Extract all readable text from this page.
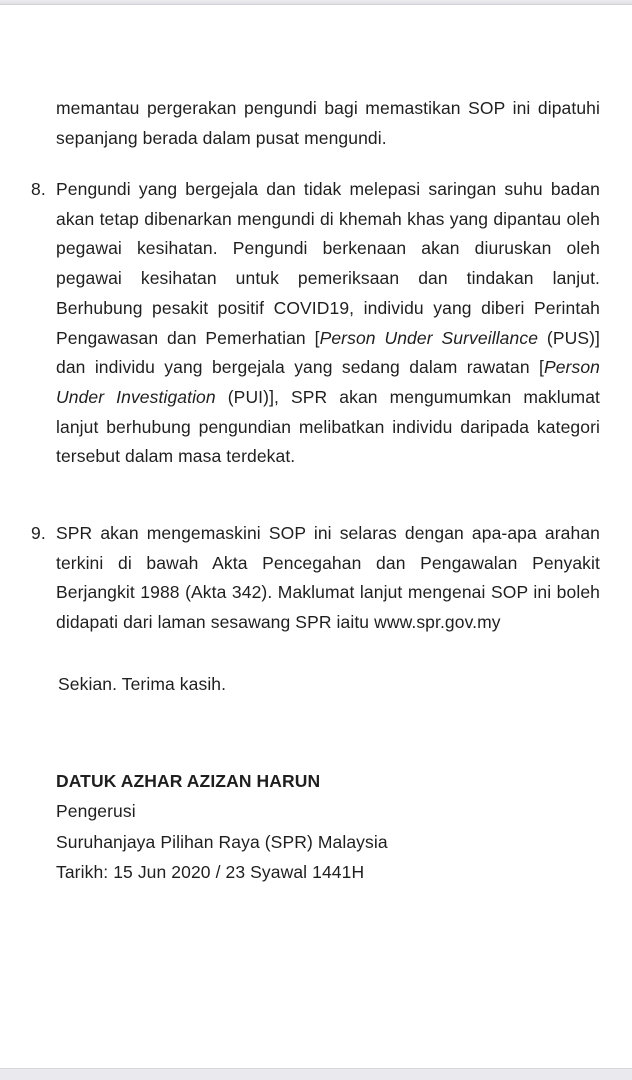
memantau pergerakan pengundi bagi memastikan SOP ini dipatuhi sepanjang berada dalam pusat mengundi.

8. Pengundi yang bergejala dan tidak melepasi saringan suhu badan akan tetap dibenarkan mengundi di khemah khas yang dipantau oleh pegawai kesihatan. Pengundi berkenaan akan diuruskan oleh pegawai kesihatan untuk pemeriksaan dan tindakan lanjut. Berhubung pesakit positif COVID19, individu yang diberi Perintah Pengawasan dan Pemerhatian [Person Under Surveillance (PUS)] dan individu yang bergejala yang sedang dalam rawatan [Person Under Investigation (PUI)], SPR akan mengumumkan maklumat lanjut berhubung pengundian melibatkan individu daripada kategori tersebut dalam masa terdekat.
9. SPR akan mengemaskini SOP ini selaras dengan apa-apa arahan terkini di bawah Akta Pencegahan dan Pengawalan Penyakit Berjangkit 1988 (Akta 342). Maklumat lanjut mengenai SOP ini boleh didapati dari laman sesawang SPR iaitu www.spr.gov.my

Sekian. Terima kasih.

DATUK AZHAR AZIZAN HARUN
Pengerusi
Suruhanjaya Pilihan Raya (SPR) Malaysia
Tarikh: 15 Jun 2020 / 23 Syawal 1441H
